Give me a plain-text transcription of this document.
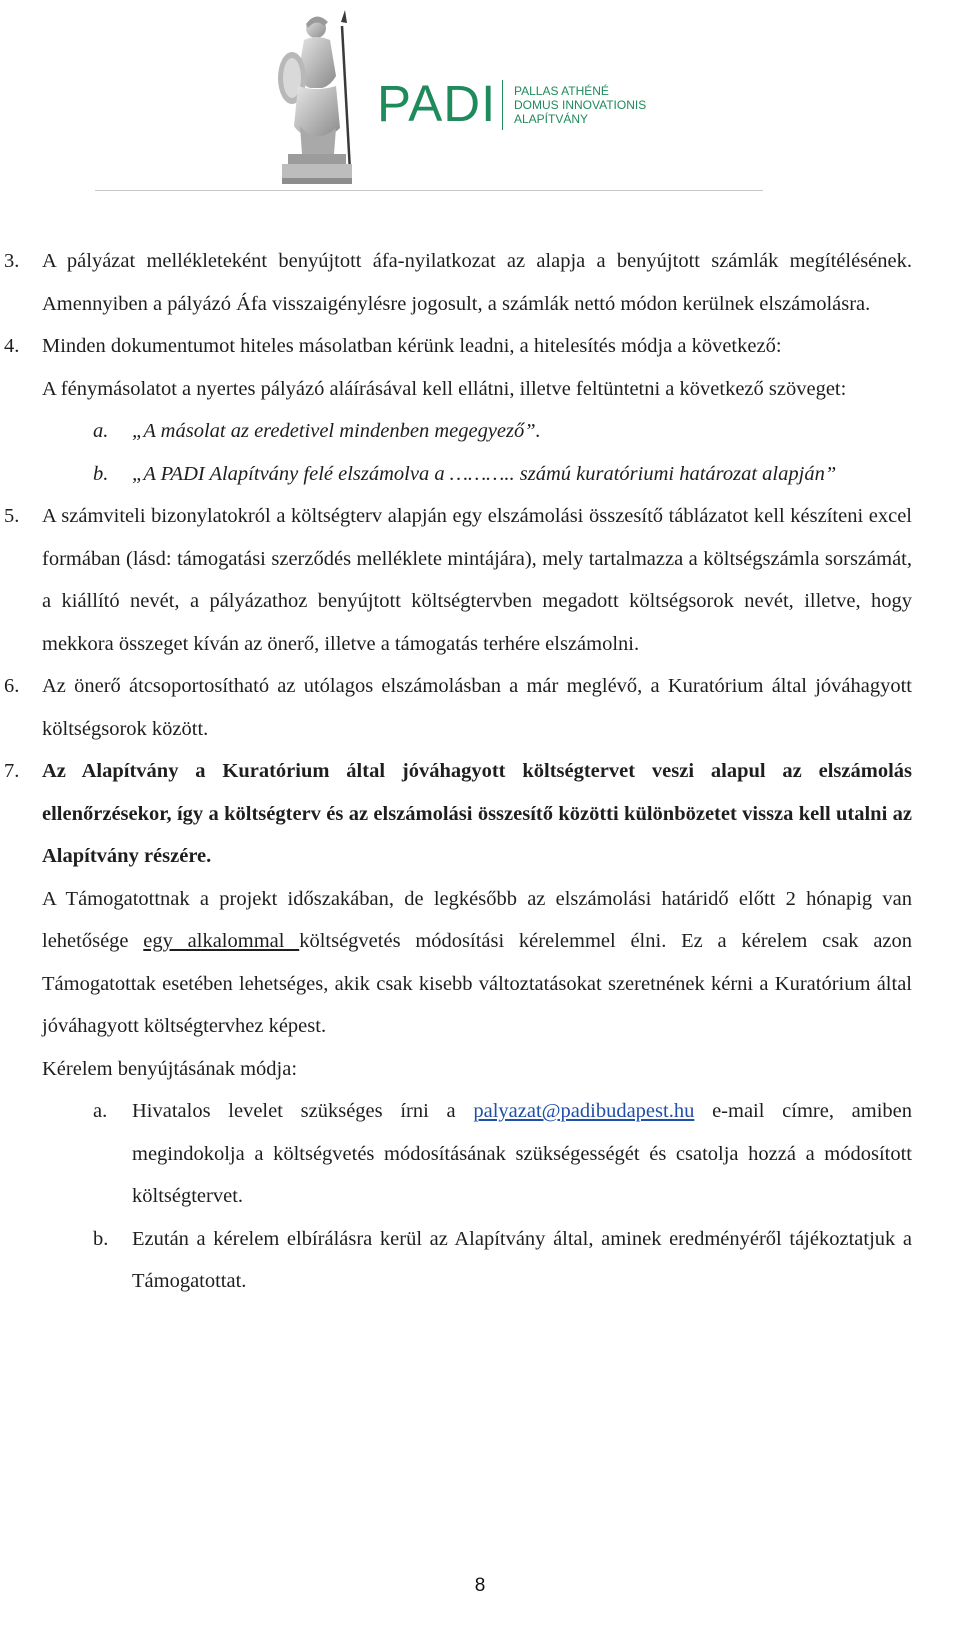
PADI PALLAS ATHÉNÉ
DOMUS INNOVATIONIS
ALAPÍTVÁNY
3. A pályázat mellékleteként benyújtott áfa-nyilatkozat az alapja a benyújtott számlák megítélésének. Amennyiben a pályázó Áfa visszaigénylésre jogosult, a számlák nettó módon kerülnek elszámolásra.
4. Minden dokumentumot hiteles másolatban kérünk leadni, a hitelesítés módja a következő:
A fénymásolatot a nyertes pályázó aláírásával kell ellátni, illetve feltüntetni a következő szöveget:
a. „A másolat az eredetivel mindenben megegyező”.
b. „A PADI Alapítvány felé elszámolva a ……….. számú kuratóriumi határozat alapján”
5. A számviteli bizonylatokról a költségterv alapján egy elszámolási összesítő táblázatot kell készíteni excel formában (lásd: támogatási szerződés melléklete mintájára), mely tartalmazza a költségszámla sorszámát, a kiállító nevét, a pályázathoz benyújtott költségtervben megadott költségsorok nevét, illetve, hogy mekkora összeget kíván az önerő, illetve a támogatás terhére elszámolni.
6. Az önerő átcsoportosítható az utólagos elszámolásban a már meglévő, a Kuratórium által jóváhagyott költségsorok között.
7. Az Alapítvány a Kuratórium által jóváhagyott költségtervet veszi alapul az elszámolás ellenőrzésekor, így a költségterv és az elszámolási összesítő közötti különbözetet vissza kell utalni az Alapítvány részére.
A Támogatottnak a projekt időszakában, de legkésőbb az elszámolási határidő előtt 2 hónapig van lehetősége egy alkalommal költségvetés módosítási kérelemmel élni. Ez a kérelem csak azon Támogatottak esetében lehetséges, akik csak kisebb változtatásokat szeretnének kérni a Kuratórium által jóváhagyott költségtervhez képest.
Kérelem benyújtásának módja:
a. Hivatalos levelet szükséges írni a palyazat@padibudapest.hu e-mail címre, amiben megindokolja a költségvetés módosításának szükségességét és csatolja hozzá a módosított költségtervet.
b. Ezután a kérelem elbírálásra kerül az Alapítvány által, aminek eredményéről tájékoztatjuk a Támogatottat.
8
